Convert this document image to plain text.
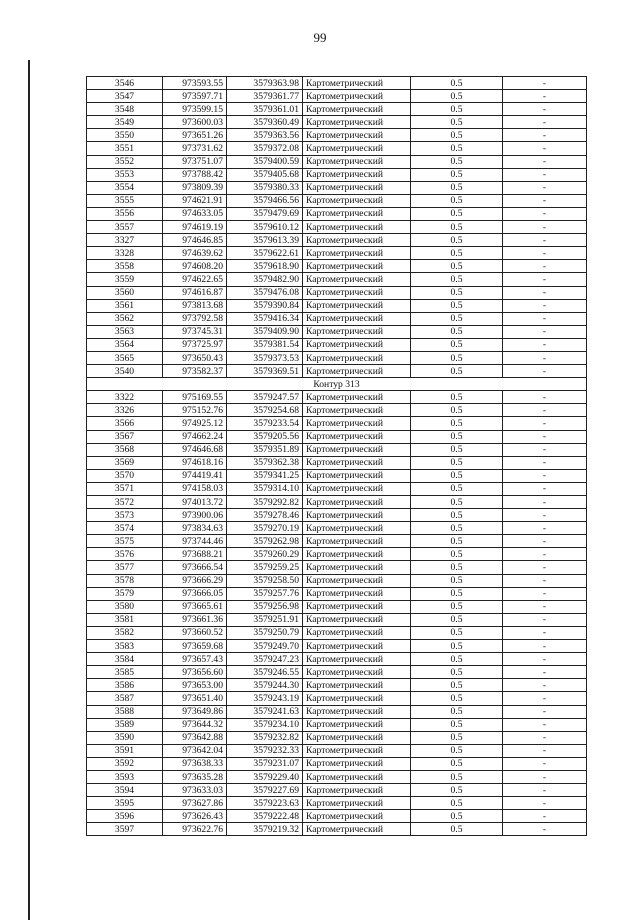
99
3546	973593.55	3579363.98	Картометрический	0.5	-
3547	973597.71	3579361.77	Картометрический	0.5	-
3548	973599.15	3579361.01	Картометрический	0.5	-
3549	973600.03	3579360.49	Картометрический	0.5	-
3550	973651.26	3579363.56	Картометрический	0.5	-
3551	973731.62	3579372.08	Картометрический	0.5	-
3552	973751.07	3579400.59	Картометрический	0.5	-
3553	973788.42	3579405.68	Картометрический	0.5	-
3554	973809.39	3579380.33	Картометрический	0.5	-
3555	974621.91	3579466.56	Картометрический	0.5	-
3556	974633.05	3579479.69	Картометрический	0.5	-
3557	974619.19	3579610.12	Картометрический	0.5	-
3327	974646.85	3579613.39	Картометрический	0.5	-
3328	974639.62	3579622.61	Картометрический	0.5	-
3558	974608.20	3579618.90	Картометрический	0.5	-
3559	974622.65	3579482.90	Картометрический	0.5	-
3560	974616.87	3579476.08	Картометрический	0.5	-
3561	973813.68	3579390.84	Картометрический	0.5	-
3562	973792.58	3579416.34	Картометрический	0.5	-
3563	973745.31	3579409.90	Картометрический	0.5	-
3564	973725.97	3579381.54	Картометрический	0.5	-
3565	973650.43	3579373.53	Картометрический	0.5	-
3540	973582.37	3579369.51	Картометрический	0.5	-
Контур 313					
3322	975169.55	3579247.57	Картометрический	0.5	-
3326	975152.76	3579254.68	Картометрический	0.5	-
3566	974925.12	3579233.54	Картометрический	0.5	-
3567	974662.24	3579205.56	Картометрический	0.5	-
3568	974646.68	3579351.89	Картометрический	0.5	-
3569	974618.16	3579362.38	Картометрический	0.5	-
3570	974419.41	3579341.25	Картометрический	0.5	-
3571	974158.03	3579314.10	Картометрический	0.5	-
3572	974013.72	3579292.82	Картометрический	0.5	-
3573	973900.06	3579278.46	Картометрический	0.5	-
3574	973834.63	3579270.19	Картометрический	0.5	-
3575	973744.46	3579262.98	Картометрический	0.5	-
3576	973688.21	3579260.29	Картометрический	0.5	-
3577	973666.54	3579259.25	Картометрический	0.5	-
3578	973666.29	3579258.50	Картометрический	0.5	-
3579	973666.05	3579257.76	Картометрический	0.5	-
3580	973665.61	3579256.98	Картометрический	0.5	-
3581	973661.36	3579251.91	Картометрический	0.5	-
3582	973660.52	3579250.79	Картометрический	0.5	-
3583	973659.68	3579249.70	Картометрический	0.5	-
3584	973657.43	3579247.23	Картометрический	0.5	-
3585	973656.60	3579246.55	Картометрический	0.5	-
3586	973653.00	3579244.30	Картометрический	0.5	-
3587	973651.40	3579243.19	Картометрический	0.5	-
3588	973649.86	3579241.63	Картометрический	0.5	-
3589	973644.32	3579234.10	Картометрический	0.5	-
3590	973642.88	3579232.82	Картометрический	0.5	-
3591	973642.04	3579232.33	Картометрический	0.5	-
3592	973638.33	3579231.07	Картометрический	0.5	-
3593	973635.28	3579229.40	Картометрический	0.5	-
3594	973633.03	3579227.69	Картометрический	0.5	-
3595	973627.86	3579223.63	Картометрический	0.5	-
3596	973626.43	3579222.48	Картометрический	0.5	-
3597	973622.76	3579219.32	Картометрический	0.5	-
